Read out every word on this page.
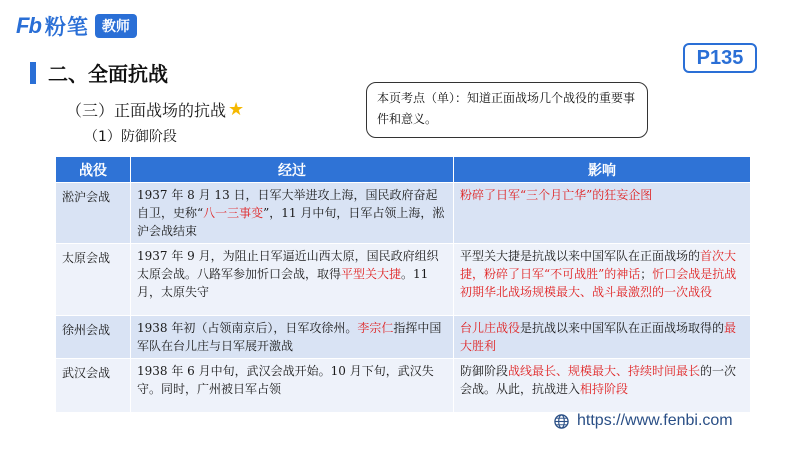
Fb 粉笔 教师
P135
二、全面抗战
（三）正面战场的抗战 ★
（1）防御阶段
本页考点（单）：知道正面战场几个战役的重要事件和意义。
战役	经过	影响
淞沪会战	1937 年 8 月 13 日，日军大举进攻上海，国民政府奋起自卫，史称“八一三事变”，11 月中旬，日军占领上海，淞沪会战结束	粉碎了日军“三个月亡华”的狂妄企图
太原会战	1937 年 9 月，为阻止日军逼近山西太原，国民政府组织太原会战。八路军参加忻口会战，取得平型关大捷。11 月，太原失守	平型关大捷是抗战以来中国军队在正面战场的首次大捷，粉碎了日军“不可战胜”的神话；忻口会战是抗战初期华北战场规模最大、战斗最激烈的一次战役
徐州会战	1938 年初（占领南京后），日军攻徐州。李宗仁指挥中国军队在台儿庄与日军展开激战	台儿庄战役是抗战以来中国军队在正面战场取得的最大胜利
武汉会战	1938 年 6 月中旬，武汉会战开始。10 月下旬，武汉失守。同时，广州被日军占领	防御阶段战线最长、规模最大、持续时间最长的一次会战。从此，抗战进入相持阶段
https://www.fenbi.com
